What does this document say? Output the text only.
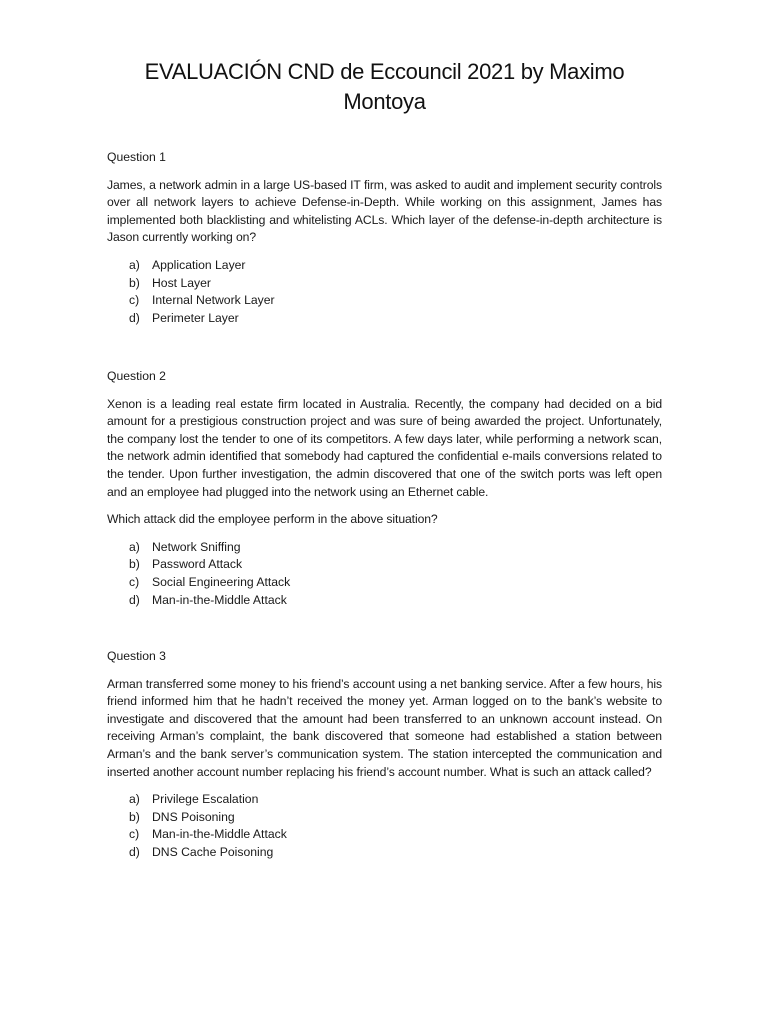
EVALUACIÓN CND de Eccouncil 2021 by Maximo Montoya

Question 1

James, a network admin in a large US-based IT firm, was asked to audit and implement security controls over all network layers to achieve Defense-in-Depth. While working on this assignment, James has implemented both blacklisting and whitelisting ACLs. Which layer of the defense-in-depth architecture is Jason currently working on?

a) Application Layer
b) Host Layer
c)	Internal Network Layer
d) Perimeter Layer

Question 2

Xenon is a leading real estate firm located in Australia. Recently, the company had decided on a bid amount for a prestigious construction project and was sure of being awarded the project. Unfortunately, the company lost the tender to one of its competitors. A few days later, while performing a network scan, the network admin identified that somebody had captured the confidential e-mails conversions related to the tender. Upon further investigation, the admin discovered that one of the switch ports was left open and an employee had plugged into the network using an Ethernet cable.

Which attack did the employee perform in the above situation?

a) Network Sniffing
b) Password Attack
c)	Social Engineering Attack
d) Man-in-the-Middle Attack

Question 3

Arman transferred some money to his friend’s account using a net banking service. After a few hours, his friend informed him that he hadn’t received the money yet. Arman logged on to the bank’s website to investigate and discovered that the amount had been transferred to an unknown account instead. On receiving Arman’s complaint, the bank discovered that someone had established a station between Arman’s and the bank server’s communication system. The station intercepted the communication and inserted another account number replacing his friend’s account number. What is such an attack called?

a) Privilege Escalation
b) DNS Poisoning
c)	Man-in-the-Middle Attack
d) DNS Cache Poisoning
